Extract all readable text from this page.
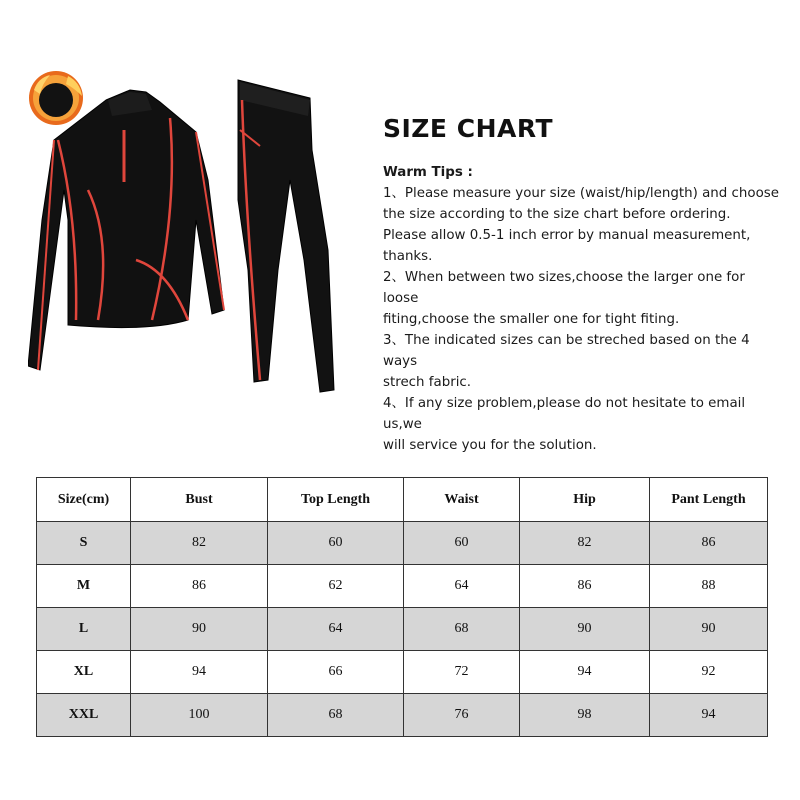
SIZE CHART
Warm Tips :
1、Please measure your size (waist/hip/length) and choose
the size according to the size chart before ordering.
Please allow 0.5-1 inch error by manual measurement,
thanks.
2、When between two sizes,choose the larger one for loose
fiting,choose the smaller one for tight fiting.
3、The indicated sizes can be streched based on the 4 ways
strech fabric.
4、If any size problem,please do not hesitate to email us,we
will service you for the solution.
Size(cm)	Bust	Top Length	Waist	Hip	Pant Length
S	82	60	60	82	86
M	86	62	64	86	88
L	90	64	68	90	90
XL	94	66	72	94	92
XXL	100	68	76	98	94
